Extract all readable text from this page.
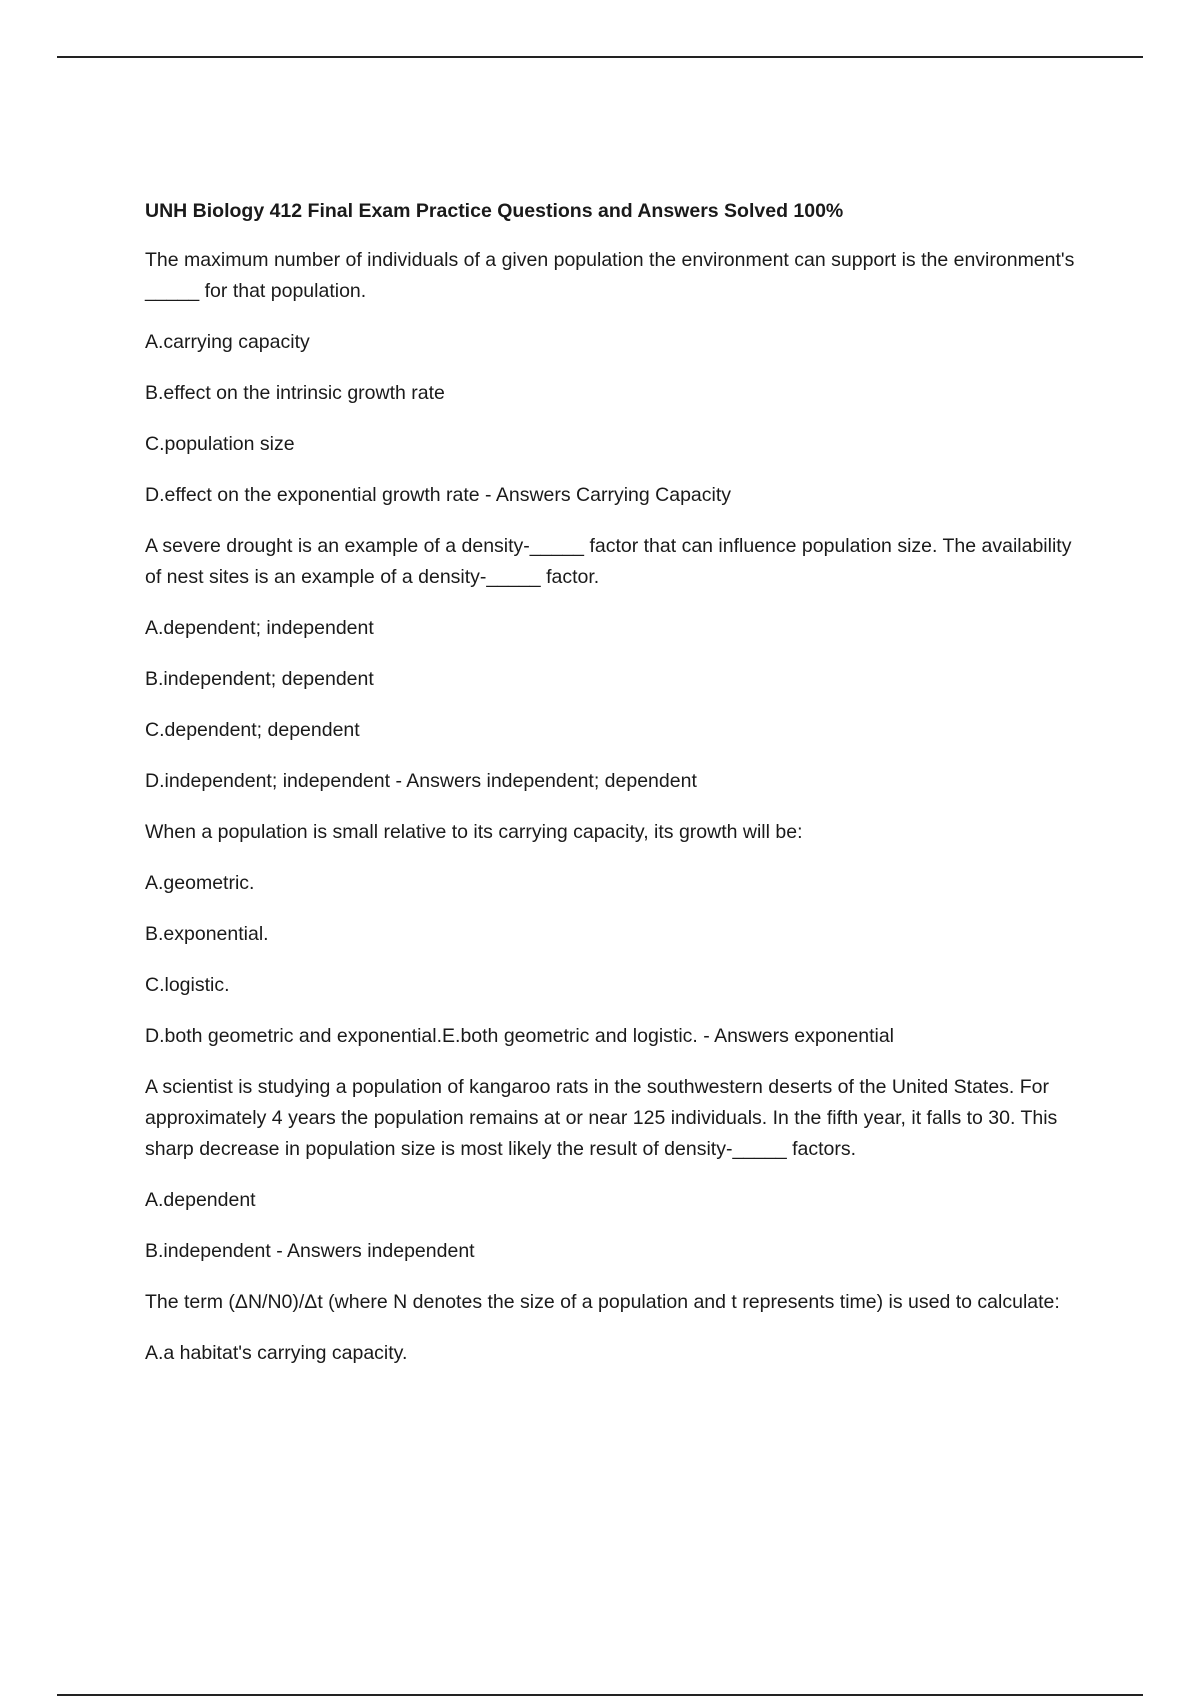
UNH Biology 412 Final Exam Practice Questions and Answers Solved 100%
The maximum number of individuals of a given population the environment can support is the environment's _____ for that population.
A.carrying capacity
B.effect on the intrinsic growth rate
C.population size
D.effect on the exponential growth rate - Answers Carrying Capacity
A severe drought is an example of a density-_____ factor that can influence population size. The availability of nest sites is an example of a density-_____ factor.
A.dependent; independent
B.independent; dependent
C.dependent; dependent
D.independent; independent - Answers independent; dependent
When a population is small relative to its carrying capacity, its growth will be:
A.geometric.
B.exponential.
C.logistic.
D.both geometric and exponential.E.both geometric and logistic. - Answers exponential
A scientist is studying a population of kangaroo rats in the southwestern deserts of the United States. For approximately 4 years the population remains at or near 125 individuals. In the fifth year, it falls to 30. This sharp decrease in population size is most likely the result of density-_____ factors.
A.dependent
B.independent - Answers independent
The term (ΔN/N0)/Δt (where N denotes the size of a population and t represents time) is used to calculate:
A.a habitat's carrying capacity.
